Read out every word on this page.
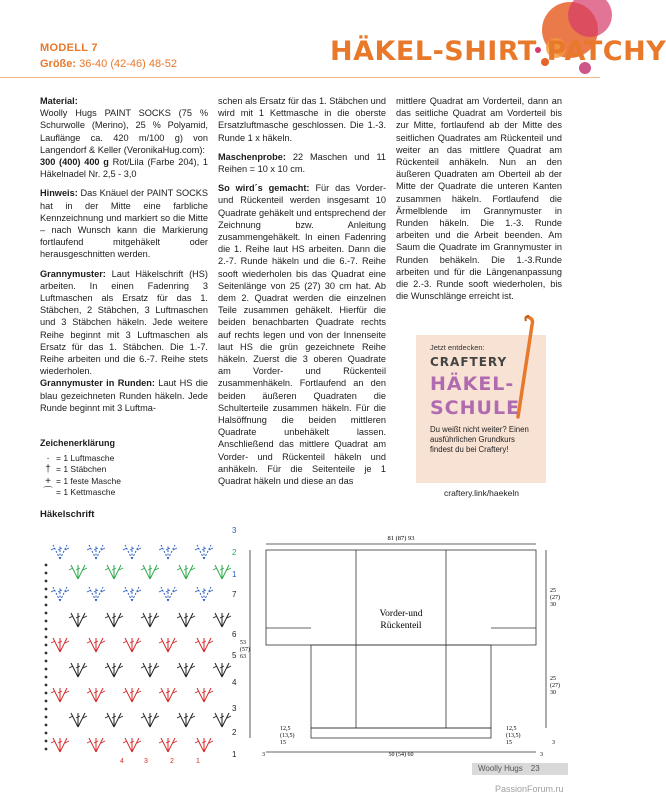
MODELL 7
Größe: 36-40 (42-46) 48-52	HÄKEL-SHIRT PATCHY

Material:
Woolly Hugs PAINT SOCKS (75 % Schurwolle (Merino), 25 % Polyamid, Lauflänge ca. 420 m/100 g) von Langendorf & Keller (VeronikaHug.com):
300 (400) 400 g Rot/Lila (Farbe 204), 1 Häkelnadel Nr. 2,5 - 3,0

Hinweis: Das Knäuel der PAINT SOCKS hat in der Mitte eine farbliche Kennzeichnung und markiert so die Mitte – nach Wunsch kann die Markierung fortlaufend mitgehäkelt oder herausgeschnitten werden.

Grannymuster: Laut Häkelschrift (HS) arbeiten. In einen Fadenring 3 Luftmaschen als Ersatz für das 1. Stäbchen, 2 Stäbchen, 3 Luftmaschen und 3 Stäbchen häkeln. Jede weitere Reihe beginnt mit 3 Luftmaschen als Ersatz für das 1. Stäbchen. Die 1.-7. Reihe arbeiten und die 6.-7. Reihe stets wiederholen.

Grannymuster in Runden: Laut HS die blau gezeichneten Runden häkeln. Jede Runde beginnt mit 3 Luftma-

schen als Ersatz für das 1. Stäbchen und wird mit 1 Kettmasche in die oberste Ersatzluftmasche geschlossen. Die 1.-3. Runde 1 x häkeln.

Maschenprobe: 22 Maschen und 11 Reihen = 10 x 10 cm.

So wird´s gemacht: Für das Vorder- und Rückenteil werden insgesamt 10 Quadrate gehäkelt und entsprechend der Zeichnung bzw. Anleitung zusammengehäkelt. In einen Fadenring die 1. Reihe laut HS arbeiten. Dann die 2.-7. Runde häkeln und die 6.-7. Reihe sooft wiederholen bis das Quadrat eine Seitenlänge von 25 (27) 30 cm hat. Ab dem 2. Quadrat werden die einzelnen Teile zusammen gehäkelt. Hierfür die beiden benachbarten Quadrate rechts auf rechts legen und von der Innenseite laut HS die grün gezeichnete Reihe häkeln. Zuerst die 3 oberen Quadrate am Vorder- und Rückenteil zusammenhäkeln. Fortlaufend an den beiden äußeren Quadraten die Schulterteile zusammen häkeln. Für die Halsöffnung die beiden mittleren Quadrate unbehäkelt lassen. Anschließend das mittlere Quadrat am Vorder- und Rückenteil häkeln und anhäkeln. Für die Seitenteile je 1 Quadrat häkeln und diese an das

mittlere Quadrat am Vorderteil, dann an das seitliche Quadrat am Vorderteil bis zur Mitte, fortlaufend ab der Mitte des seitlichen Quadrates am Rückenteil und weiter an das mittlere Quadrat am Rückenteil anhäkeln. Nun an den äußeren Quadraten am Oberteil ab der Mitte der Quadrate die unteren Kanten zusammen häkeln. Fortlaufend die Ärmelblende im Grannymuster in Runden häkeln. Die 1.-3. Runde arbeiten und die Arbeit beenden. Am Saum die Quadrate im Grannymuster in Runden behäkeln. Die 1.-3.Runde arbeiten und für die Längenanpassung die 2.-3. Runde sooft wiederholen, bis die Wunschlänge erreicht ist.

Zeichenerklärung
· = 1 Luftmasche
† = 1 Stäbchen
+ = 1 feste Masche
⌒ = 1 Kettmasche
Jetzt entdecken:
CRAFTERY
HÄKEL-
SCHULE
Du weißt nicht weiter? Einen ausführlichen Grundkurs findest du bei Craftery!
craftery.link/haekeln
Häkelschrift
3
2
1
7
6
5
4
3
2
1
4	3	2	1
81 (87) 93
Vorder-und
Rückenteil
53 (57) 63
25 (27) 30
25 (27) 30
3
12,5 (13,5) 15
12,5 (13,5) 15
50 (54) 60
3	3
Woolly Hugs 23
PassionForum.ru
